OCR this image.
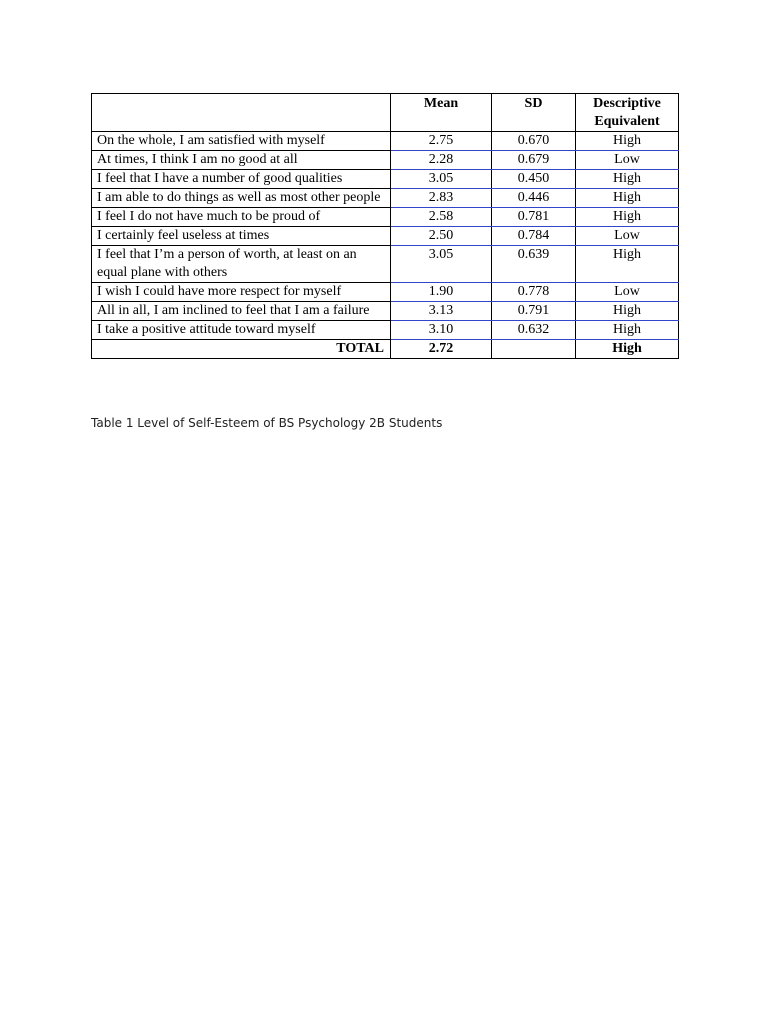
	Mean	SD	Descriptive Equivalent
On the whole, I am satisfied with myself	2.75	0.670	High
At times, I think I am no good at all	2.28	0.679	Low
I feel that I have a number of good qualities	3.05	0.450	High
I am able to do things as well as most other people	2.83	0.446	High
I feel I do not have much to be proud of	2.58	0.781	High
I certainly feel useless at times	2.50	0.784	Low
I feel that I’m a person of worth, at least on an equal plane with others	3.05	0.639	High
I wish I could have more respect for myself	1.90	0.778	Low
All in all, I am inclined to feel that I am a failure	3.13	0.791	High
I take a positive attitude toward myself	3.10	0.632	High
TOTAL	2.72		High
Table 1 Level of Self-Esteem of BS Psychology 2B Students
